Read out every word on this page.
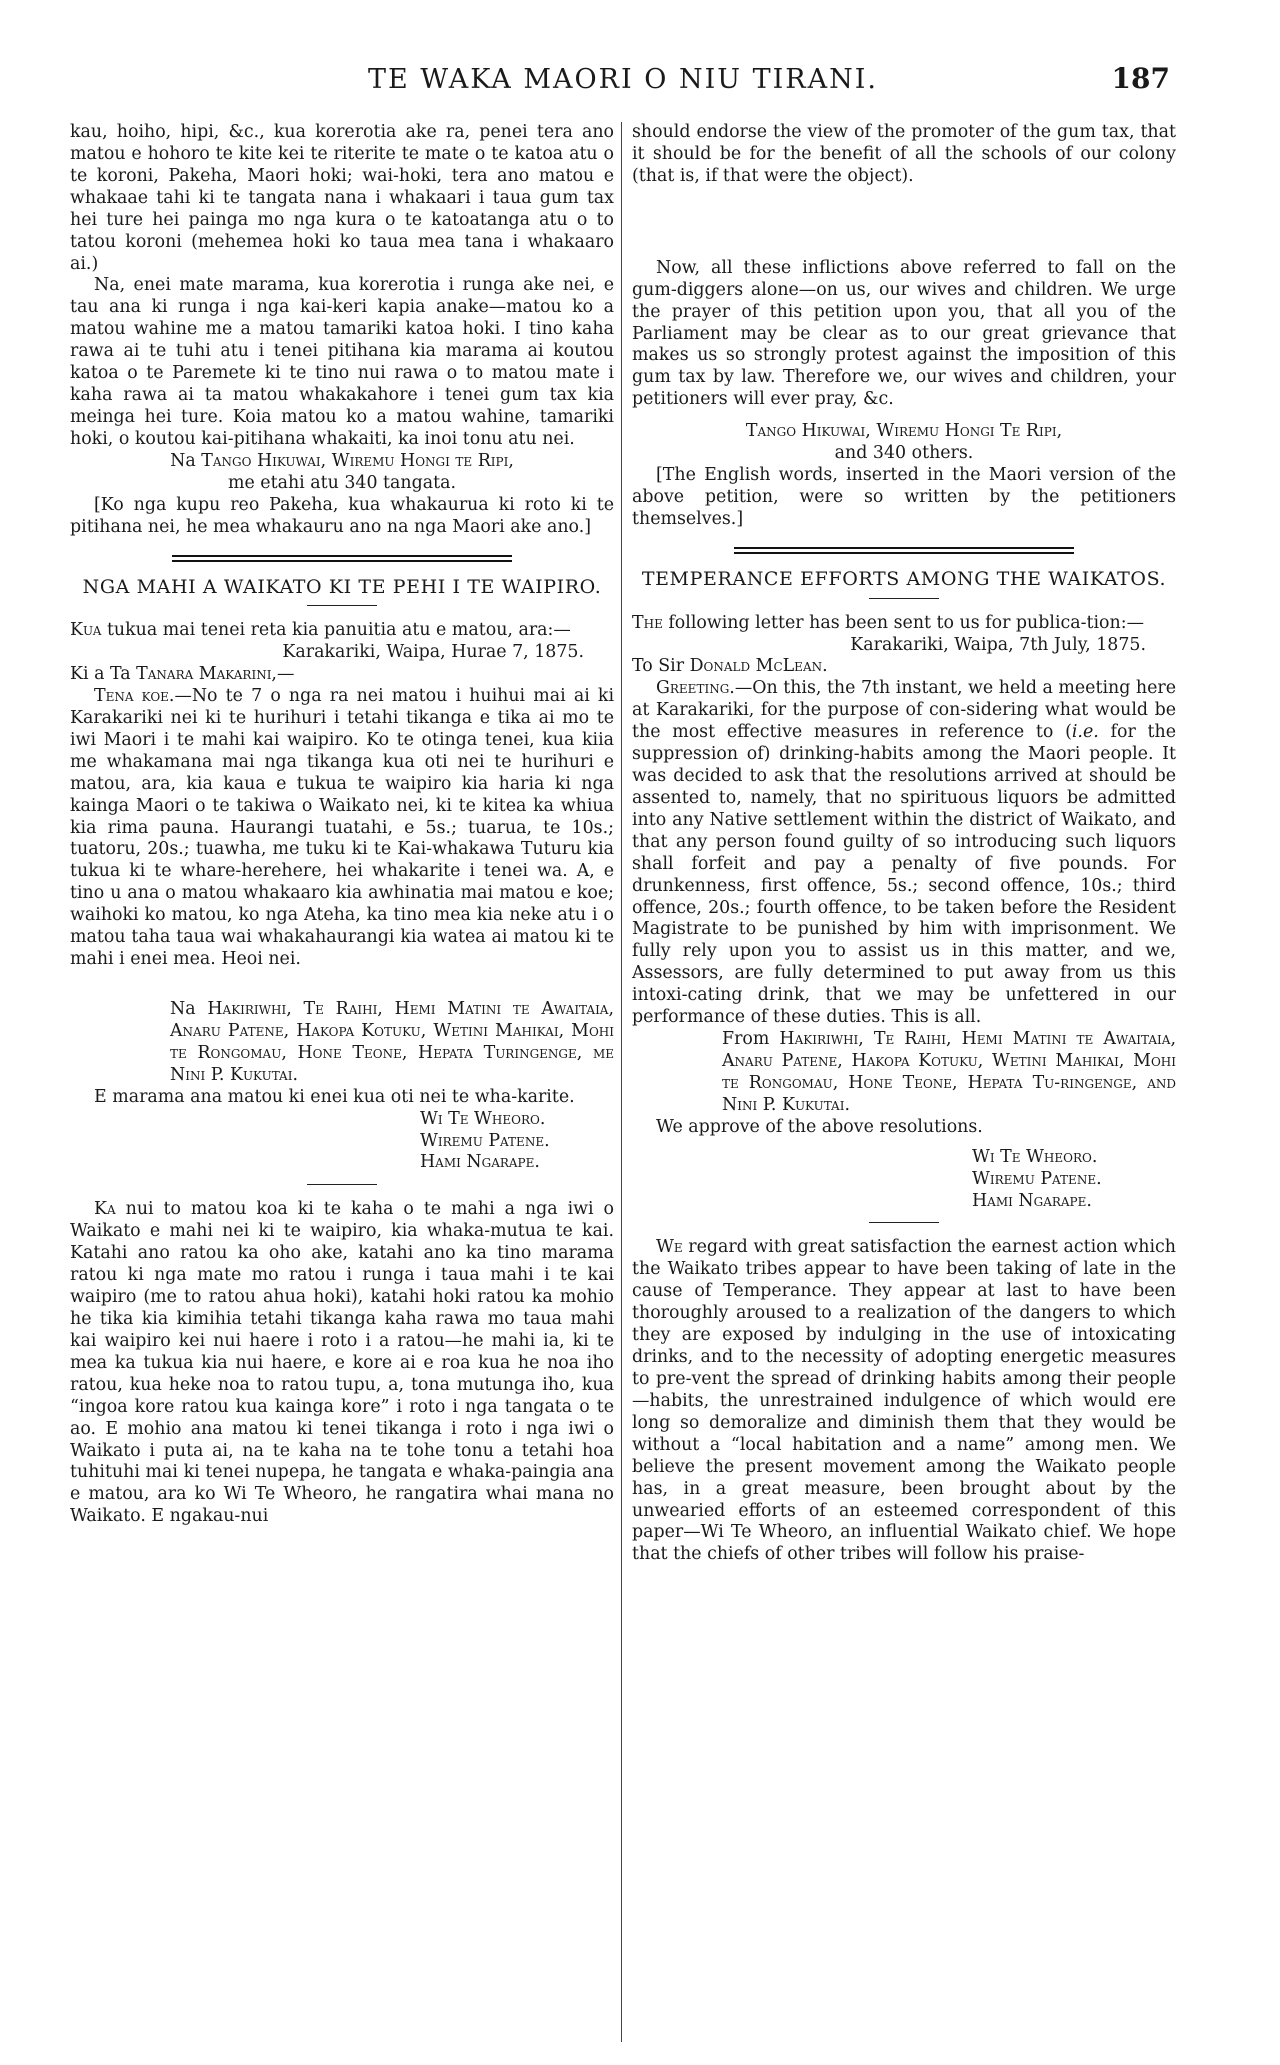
TE WAKA MAORI O NIU TIRANI.	187

kau, hoiho, hipi, &c., kua korerotia ake ra, penei tera ano matou e hohoro te kite kei te riterite te mate o te katoa atu o te koroni, Pakeha, Maori hoki; wai-hoki, tera ano matou e whakaae tahi ki te tangata nana i whakaari i taua gum tax hei ture hei painga mo nga kura o te katoatanga atu o to tatou koroni (mehemea hoki ko taua mea tana i whakaaro ai.)

Na, enei mate marama, kua korerotia i runga ake nei, e tau ana ki runga i nga kai-keri kapia anake—matou ko a matou wahine me a matou tamariki katoa hoki. I tino kaha rawa ai te tuhi atu i tenei pitihana kia marama ai koutou katoa o te Paremete ki te tino nui rawa o to matou mate i kaha rawa ai ta matou whakakahore i tenei gum tax kia meinga hei ture. Koia matou ko a matou wahine, tamariki hoki, o koutou kai-pitihana whakaiti, ka inoi tonu atu nei.

Na Tango Hikuwai, Wiremu Hongi te Ripi,

me etahi atu 340 tangata.

[Ko nga kupu reo Pakeha, kua whakaurua ki roto ki te pitihana nei, he mea whakauru ano na nga Maori ake ano.]

NGA MAHI A WAIKATO KI TE PEHI I TE WAIPIRO.

Kua tukua mai tenei reta kia panuitia atu e matou, ara:—

Karakariki, Waipa, Hurae 7, 1875.

Ki a Ta Tanara Makarini,—

Tena koe.—No te 7 o nga ra nei matou i huihui mai ai ki Karakariki nei ki te hurihuri i tetahi tikanga e tika ai mo te iwi Maori i te mahi kai waipiro. Ko te otinga tenei, kua kiia me whakamana mai nga tikanga kua oti nei te hurihuri e matou, ara, kia kaua e tukua te waipiro kia haria ki nga kainga Maori o te takiwa o Waikato nei, ki te kitea ka whiua kia rima pauna. Haurangi tuatahi, e 5s.; tuarua, te 10s.; tuatoru, 20s.; tuawha, me tuku ki te Kai-whakawa Tuturu kia tukua ki te whare-herehere, hei whakarite i tenei wa. A, e tino u ana o matou whakaaro kia awhinatia mai matou e koe; waihoki ko matou, ko nga Ateha, ka tino mea kia neke atu i o matou taha taua wai whakahaurangi kia watea ai matou ki te mahi i enei mea. Heoi nei.

Na Hakiriwhi, Te Raihi, Hemi Matini te Awaitaia, Anaru Patene, Hakopa Kotuku, Wetini Mahikai, Mohi te Rongomau, Hone Teone, Hepata Turingenge, me Nini P. Kukutai.

E marama ana matou ki enei kua oti nei te wha-karite.

Wi Te Wheoro.
Wiremu Patene.
Hami Ngarape.

Ka nui to matou koa ki te kaha o te mahi a nga iwi o Waikato e mahi nei ki te waipiro, kia whaka-mutua te kai. Katahi ano ratou ka oho ake, katahi ano ka tino marama ratou ki nga mate mo ratou i runga i taua mahi i te kai waipiro (me to ratou ahua hoki), katahi hoki ratou ka mohio he tika kia kimihia tetahi tikanga kaha rawa mo taua mahi kai waipiro kei nui haere i roto i a ratou—he mahi ia, ki te mea ka tukua kia nui haere, e kore ai e roa kua he noa iho ratou, kua heke noa to ratou tupu, a, tona mutunga iho, kua “ingoa kore ratou kua kainga kore” i roto i nga tangata o te ao. E mohio ana matou ki tenei tikanga i roto i nga iwi o Waikato i puta ai, na te kaha na te tohe tonu a tetahi hoa tuhituhi mai ki tenei nupepa, he tangata e whaka-paingia ana e matou, ara ko Wi Te Wheoro, he rangatira whai mana no Waikato. E ngakau-nui

should endorse the view of the promoter of the gum tax, that it should be for the benefit of all the schools of our colony (that is, if that were the object).

Now, all these inflictions above referred to fall on the gum-diggers alone—on us, our wives and children. We urge the prayer of this petition upon you, that all you of the Parliament may be clear as to our great grievance that makes us so strongly protest against the imposition of this gum tax by law. Therefore we, our wives and children, your petitioners will ever pray, &c.

Tango Hikuwai, Wiremu Hongi Te Ripi,

and 340 others.

[The English words, inserted in the Maori version of the above petition, were so written by the petitioners themselves.]

TEMPERANCE EFFORTS AMONG THE WAIKATOS.

The following letter has been sent to us for publica-tion:—

Karakariki, Waipa, 7th July, 1875.

To Sir Donald McLean.

Greeting.—On this, the 7th instant, we held a meeting here at Karakariki, for the purpose of con-sidering what would be the most effective measures in reference to (i.e. for the suppression of) drinking-habits among the Maori people. It was decided to ask that the resolutions arrived at should be assented to, namely, that no spirituous liquors be admitted into any Native settlement within the district of Waikato, and that any person found guilty of so introducing such liquors shall forfeit and pay a penalty of five pounds. For drunkenness, first offence, 5s.; second offence, 10s.; third offence, 20s.; fourth offence, to be taken before the Resident Magistrate to be punished by him with imprisonment. We fully rely upon you to assist us in this matter, and we, Assessors, are fully determined to put away from us this intoxi-cating drink, that we may be unfettered in our performance of these duties. This is all.

From Hakiriwhi, Te Raihi, Hemi Matini te Awaitaia, Anaru Patene, Hakopa Kotuku, Wetini Mahikai, Mohi te Rongomau, Hone Teone, Hepata Tu-ringenge, and Nini P. Kukutai.

We approve of the above resolutions.

Wi Te Wheoro.
Wiremu Patene.
Hami Ngarape.

We regard with great satisfaction the earnest action which the Waikato tribes appear to have been taking of late in the cause of Temperance. They appear at last to have been thoroughly aroused to a realization of the dangers to which they are exposed by indulging in the use of intoxicating drinks, and to the necessity of adopting energetic measures to pre-vent the spread of drinking habits among their people—habits, the unrestrained indulgence of which would ere long so demoralize and diminish them that they would be without a “local habitation and a name” among men. We believe the present movement among the Waikato people has, in a great measure, been brought about by the unwearied efforts of an esteemed correspondent of this paper—Wi Te Wheoro, an influential Waikato chief. We hope that the chiefs of other tribes will follow his praise-
